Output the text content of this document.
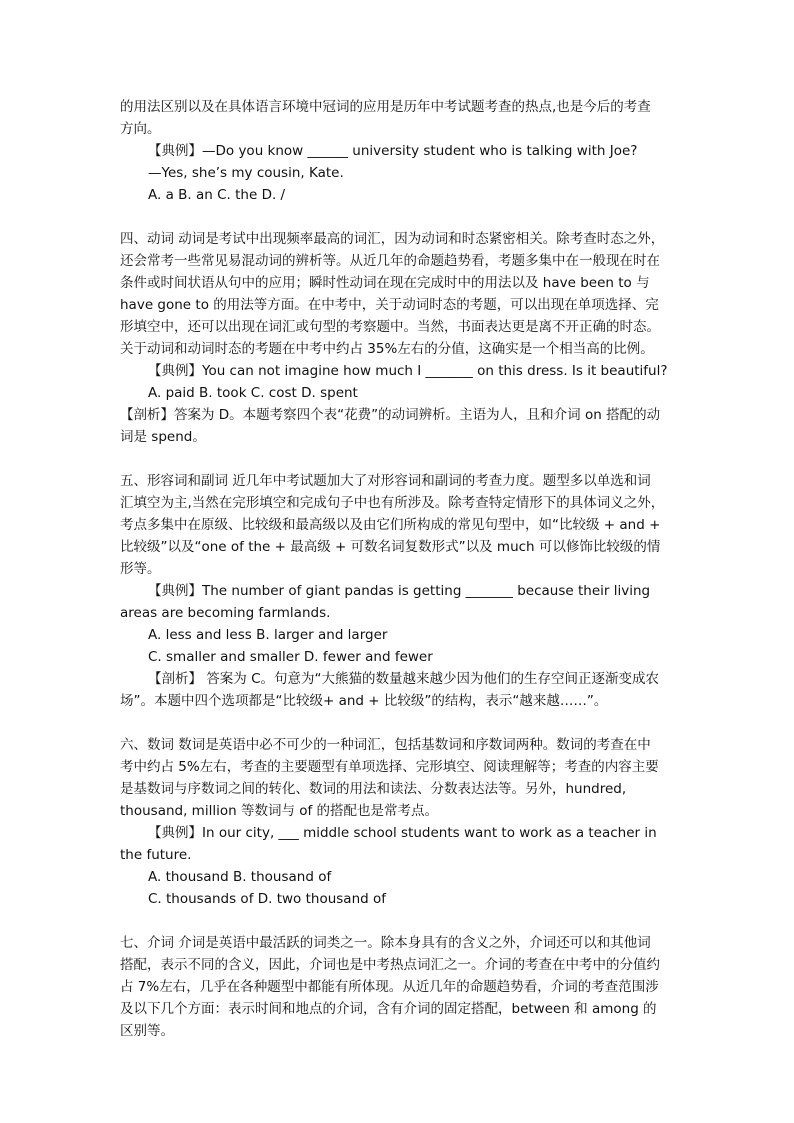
的用法区别以及在具体语言环境中冠词的应用是历年中考试题考查的热点,也是今后的考查

方向。

【典例】—Do you know ______ university student who is talking with Joe?

—Yes, she’s my cousin, Kate.

A. a B. an C. the D. /

四、动词 动词是考试中出现频率最高的词汇，因为动词和时态紧密相关。除考查时态之外，

还会常考一些常见易混动词的辨析等。从近几年的命题趋势看，考题多集中在一般现在时在

条件或时间状语从句中的应用；瞬时性动词在现在完成时中的用法以及 have been to 与

have gone to 的用法等方面。在中考中，关于动词时态的考题，可以出现在单项选择、完

形填空中，还可以出现在词汇或句型的考察题中。当然，书面表达更是离不开正确的时态。

关于动词和动词时态的考题在中考中约占 35%左右的分值，这确实是一个相当高的比例。

【典例】You can not imagine how much I _______ on this dress. Is it beautiful?

A. paid B. took C. cost D. spent

【剖析】答案为 D。本题考察四个表“花费”的动词辨析。主语为人，且和介词 on 搭配的动

词是 spend。

五、形容词和副词 近几年中考试题加大了对形容词和副词的考查力度。题型多以单选和词

汇填空为主,当然在完形填空和完成句子中也有所涉及。除考查特定情形下的具体词义之外，

考点多集中在原级、比较级和最高级以及由它们所构成的常见句型中，如“比较级 + and +

比较级”以及“one of the + 最高级 + 可数名词复数形式”以及 much 可以修饰比较级的情

形等。

【典例】The number of giant pandas is getting _______ because their living

areas are becoming farmlands.

A. less and less B. larger and larger

C. smaller and smaller D. fewer and fewer

【剖析】 答案为 C。句意为“大熊猫的数量越来越少因为他们的生存空间正逐渐变成农

场”。本题中四个选项都是“比较级+ and + 比较级”的结构，表示“越来越……”。

六、数词 数词是英语中必不可少的一种词汇，包括基数词和序数词两种。数词的考查在中

考中约占 5%左右，考查的主要题型有单项选择、完形填空、阅读理解等；考查的内容主要

是基数词与序数词之间的转化、数词的用法和读法、分数表达法等。另外，hundred,

thousand, million 等数词与 of 的搭配也是常考点。

【典例】In our city, ___ middle school students want to work as a teacher in

the future.

A. thousand B. thousand of

C. thousands of D. two thousand of

七、介词 介词是英语中最活跃的词类之一。除本身具有的含义之外，介词还可以和其他词

搭配，表示不同的含义，因此，介词也是中考热点词汇之一。介词的考查在中考中的分值约

占 7%左右，几乎在各种题型中都能有所体现。从近几年的命题趋势看，介词的考查范围涉

及以下几个方面：表示时间和地点的介词，含有介词的固定搭配，between 和 among 的

区别等。
